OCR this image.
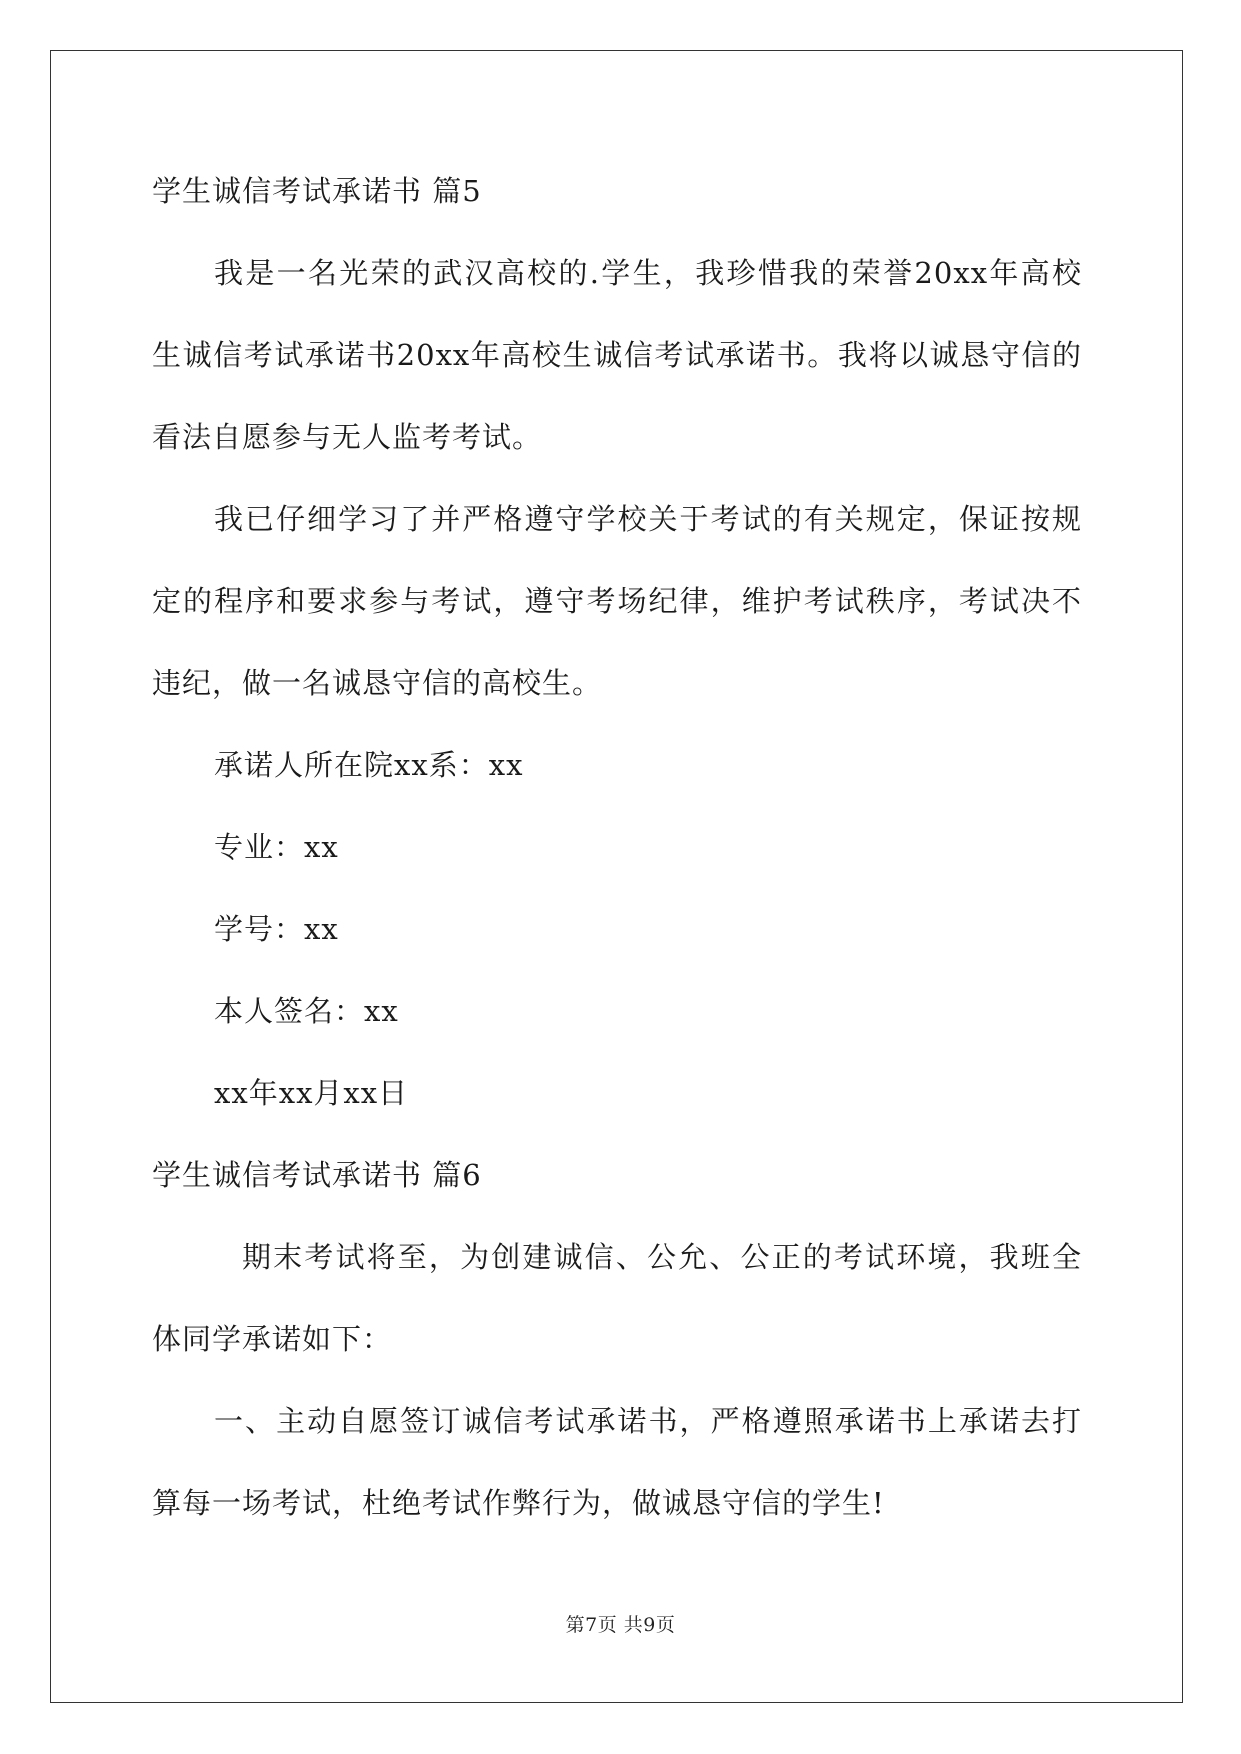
学生诚信考试承诺书 篇5
我是一名光荣的武汉高校的.学生，我珍惜我的荣誉20xx年高校
生诚信考试承诺书20xx年高校生诚信考试承诺书。我将以诚恳守信的
看法自愿参与无人监考考试。
我已仔细学习了并严格遵守学校关于考试的有关规定，保证按规
定的程序和要求参与考试，遵守考场纪律，维护考试秩序，考试决不
违纪，做一名诚恳守信的高校生。
承诺人所在院xx系：xx
专业：xx
学号：xx
本人签名：xx
xx年xx月xx日
学生诚信考试承诺书 篇6
期末考试将至，为创建诚信、公允、公正的考试环境，我班全
体同学承诺如下：
一、主动自愿签订诚信考试承诺书，严格遵照承诺书上承诺去打
算每一场考试，杜绝考试作弊行为，做诚恳守信的学生!
第7页 共9页
